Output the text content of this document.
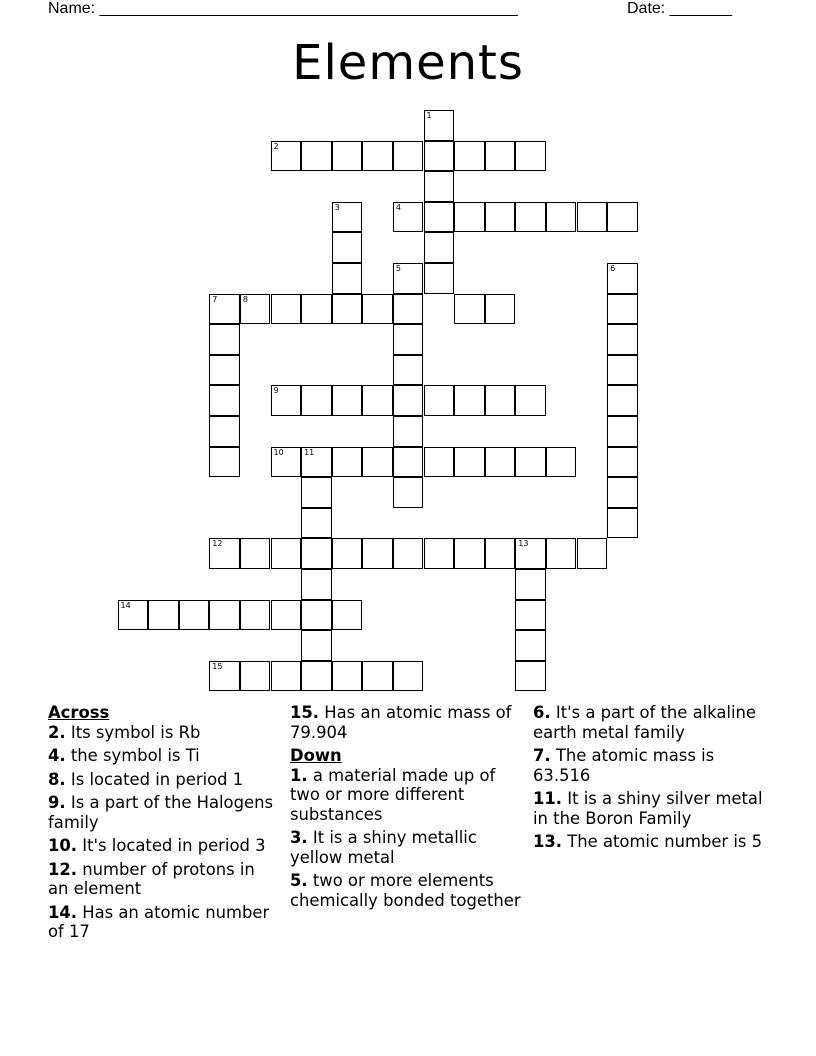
Name: _______________________________________________	Date: _______
Elements
1
2
3	4
5	6
7	8
9
10	11
12	13
14
15

Across

2. Its symbol is Rb

4. the symbol is Ti

8. Is located in period 1

9. Is a part of the Halogens family

10. It's located in period 3

12. number of protons in an element

14. Has an atomic number of 17

15. Has an atomic mass of 79.904

Down

1. a material made up of two or more different substances

3. It is a shiny metallic yellow metal

5. two or more elements chemically bonded together

6. It's a part of the alkaline earth metal family

7. The atomic mass is 63.516

11. It is a shiny silver metal in the Boron Family

13. The atomic number is 5
